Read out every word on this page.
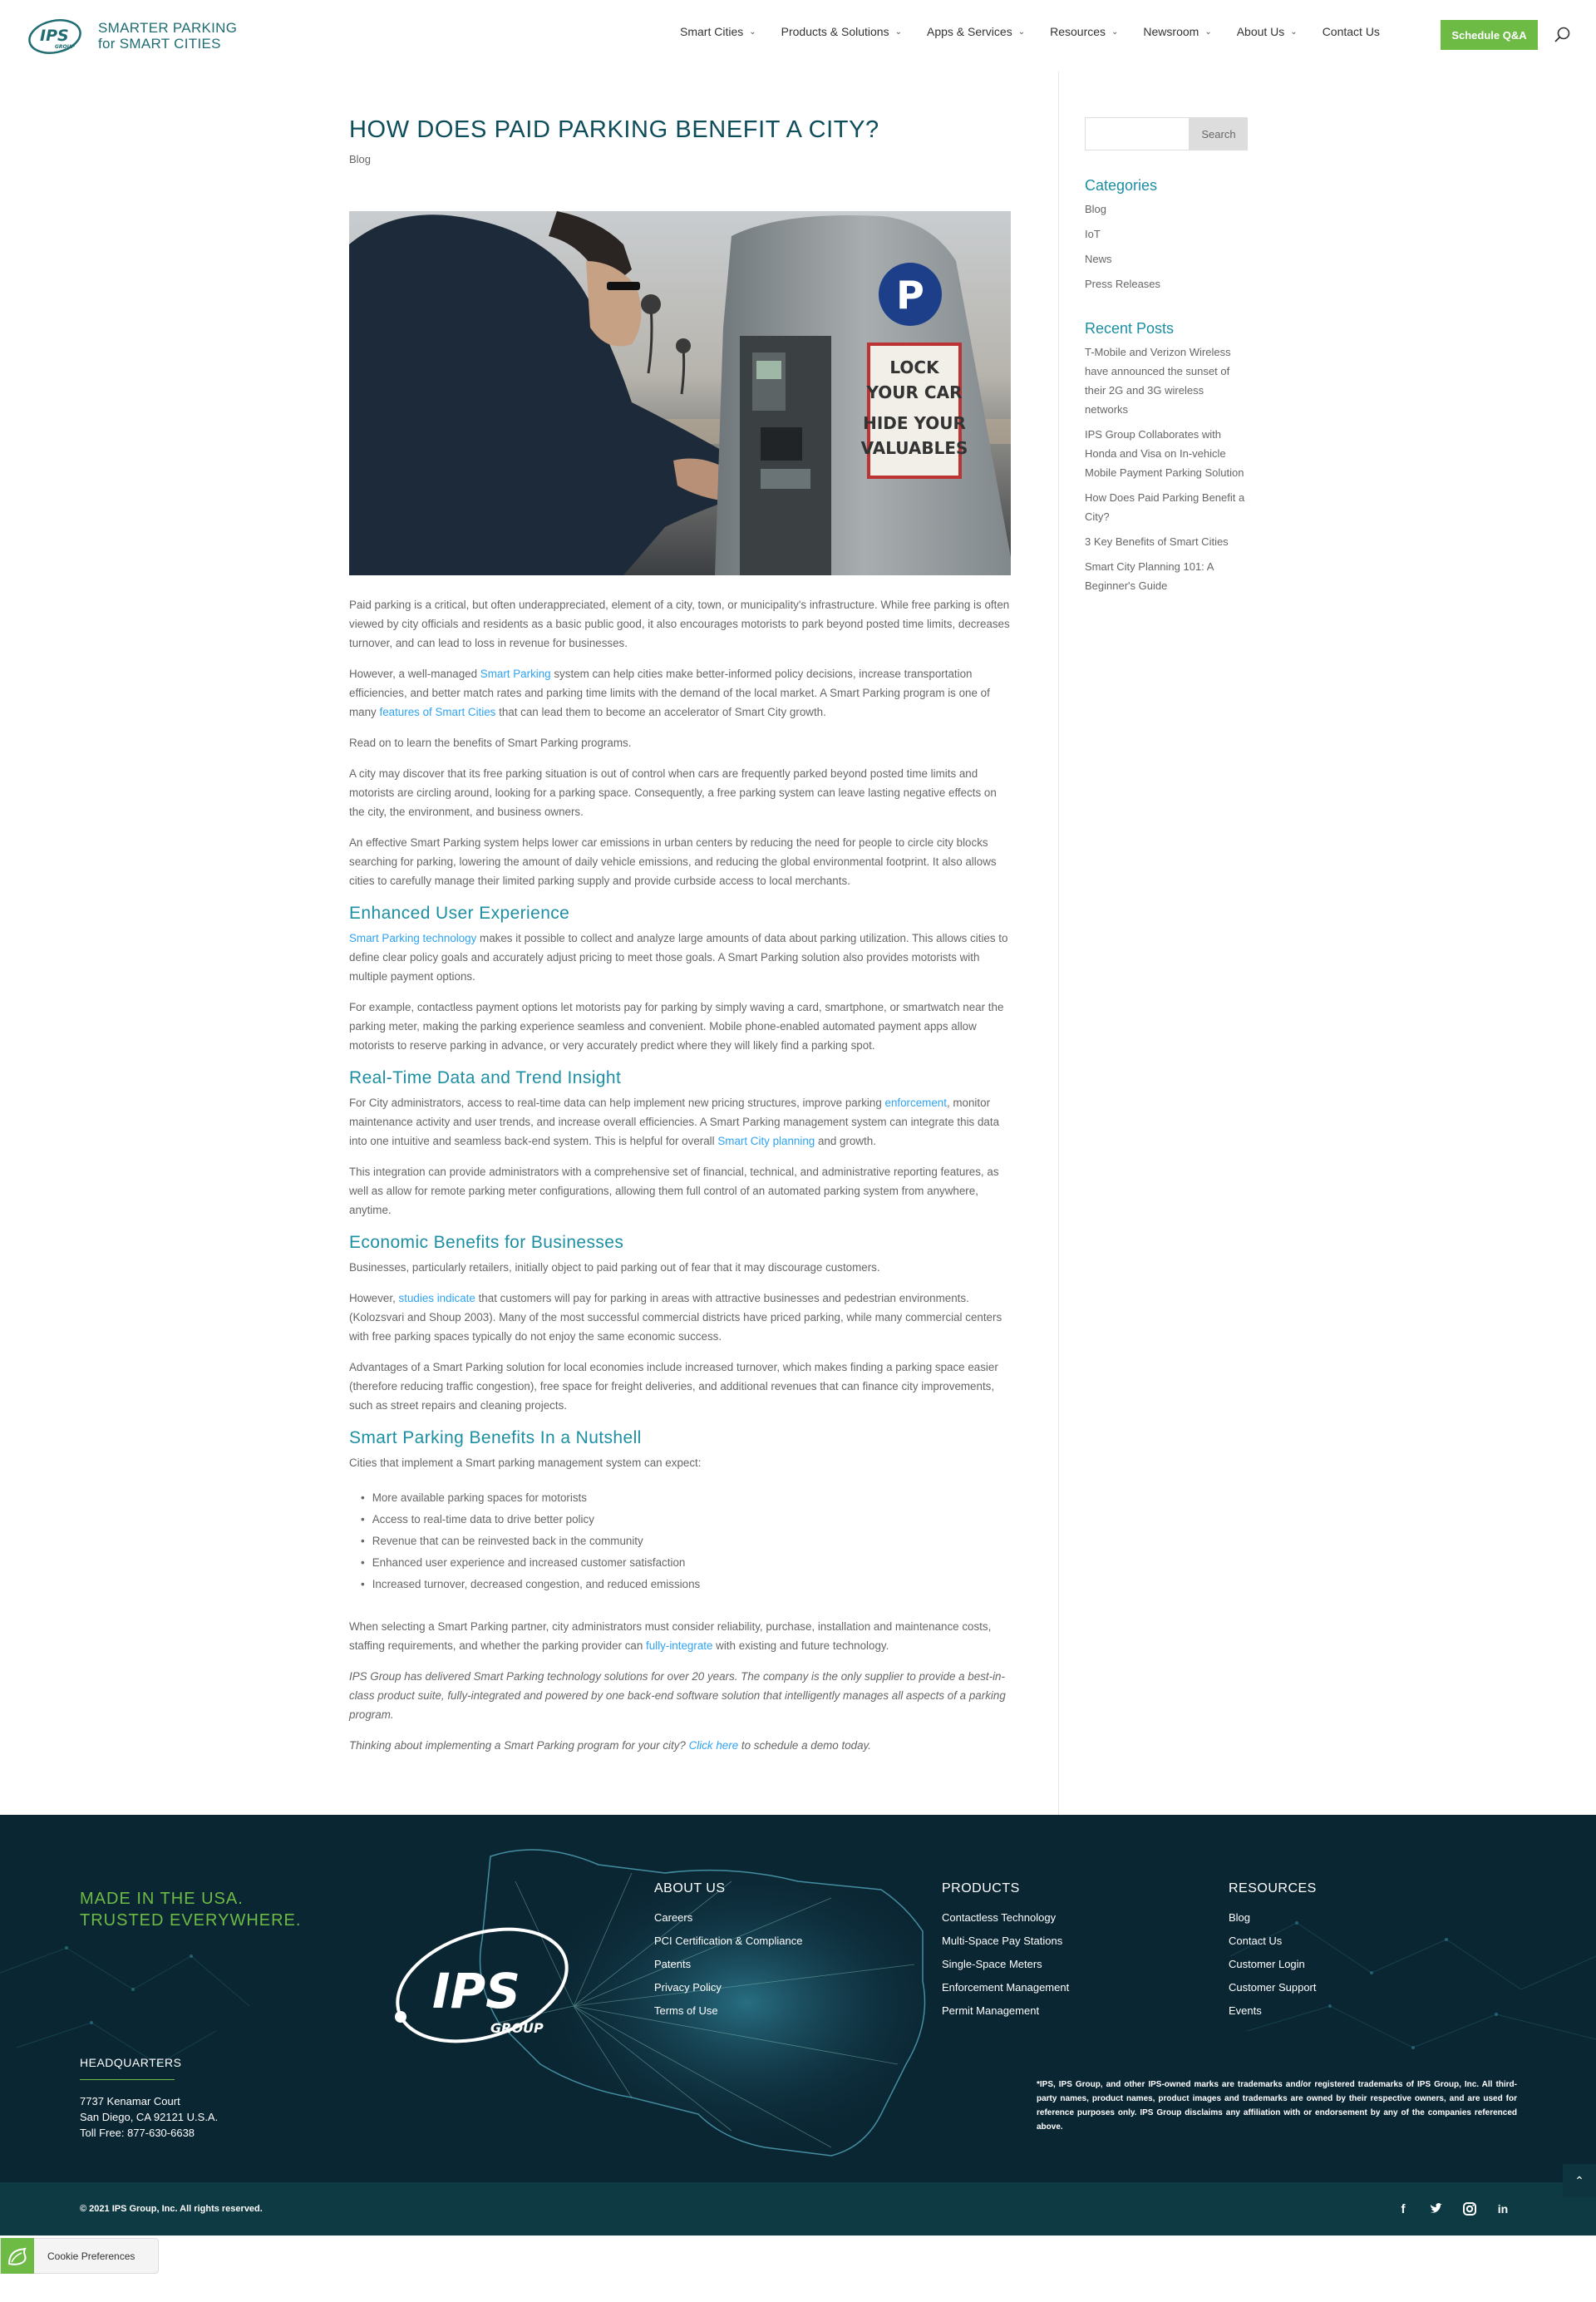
IPS
GROUP
SMARTER PARKING
for SMART CITIES
Smart Cities ⌄ Products & Solutions ⌄ Apps & Services ⌄ Resources ⌄ Newsroom ⌄ About Us ⌄ Contact Us	Schedule Q&A
HOW DOES PAID PARKING BENEFIT A CITY?
Blog
P
LOCK
YOUR CAR
HIDE YOUR
VALUABLES

Paid parking is a critical, but often underappreciated, element of a city, town, or municipality's infrastructure. While free parking is often viewed by city officials and residents as a basic public good, it also encourages motorists to park beyond posted time limits, decreases turnover, and can lead to loss in revenue for businesses.

However, a well-managed Smart Parking system can help cities make better-informed policy decisions, increase transportation efficiencies, and better match rates and parking time limits with the demand of the local market. A Smart Parking program is one of many features of Smart Cities that can lead them to become an accelerator of Smart City growth.

Read on to learn the benefits of Smart Parking programs.

A city may discover that its free parking situation is out of control when cars are frequently parked beyond posted time limits and motorists are circling around, looking for a parking space. Consequently, a free parking system can leave lasting negative effects on the city, the environment, and business owners.

An effective Smart Parking system helps lower car emissions in urban centers by reducing the need for people to circle city blocks searching for parking, lowering the amount of daily vehicle emissions, and reducing the global environmental footprint. It also allows cities to carefully manage their limited parking supply and provide curbside access to local merchants.

Enhanced User Experience

Smart Parking technology makes it possible to collect and analyze large amounts of data about parking utilization. This allows cities to define clear policy goals and accurately adjust pricing to meet those goals. A Smart Parking solution also provides motorists with multiple payment options.

For example, contactless payment options let motorists pay for parking by simply waving a card, smartphone, or smartwatch near the parking meter, making the parking experience seamless and convenient. Mobile phone-enabled automated payment apps allow motorists to reserve parking in advance, or very accurately predict where they will likely find a parking spot.

Real-Time Data and Trend Insight

For City administrators, access to real-time data can help implement new pricing structures, improve parking enforcement, monitor maintenance activity and user trends, and increase overall efficiencies. A Smart Parking management system can integrate this data into one intuitive and seamless back-end system. This is helpful for overall Smart City planning and growth.

This integration can provide administrators with a comprehensive set of financial, technical, and administrative reporting features, as well as allow for remote parking meter configurations, allowing them full control of an automated parking system from anywhere, anytime.

Economic Benefits for Businesses

Businesses, particularly retailers, initially object to paid parking out of fear that it may discourage customers.

However, studies indicate that customers will pay for parking in areas with attractive businesses and pedestrian environments. (Kolozsvari and Shoup 2003). Many of the most successful commercial districts have priced parking, while many commercial centers with free parking spaces typically do not enjoy the same economic success.

Advantages of a Smart Parking solution for local economies include increased turnover, which makes finding a parking space easier (therefore reducing traffic congestion), free space for freight deliveries, and additional revenues that can finance city improvements, such as street repairs and cleaning projects.

Smart Parking Benefits In a Nutshell

Cities that implement a Smart parking management system can expect:

• More available parking spaces for motorists
• Access to real-time data to drive better policy
• Revenue that can be reinvested back in the community
• Enhanced user experience and increased customer satisfaction
• Increased turnover, decreased congestion, and reduced emissions

When selecting a Smart Parking partner, city administrators must consider reliability, purchase, installation and maintenance costs, staffing requirements, and whether the parking provider can fully-integrate with existing and future technology.

IPS Group has delivered Smart Parking technology solutions for over 20 years. The company is the only supplier to provide a best-in-class product suite, fully-integrated and powered by one back-end software solution that intelligently manages all aspects of a parking program.

Thinking about implementing a Smart Parking program for your city? Click here to schedule a demo today.

Search
Categories
Blog
IoT
News
Press Releases
Recent Posts
T-Mobile and Verizon Wireless have announced the sunset of their 2G and 3G wireless networks
IPS Group Collaborates with Honda and Visa on In-vehicle Mobile Payment Parking Solution
How Does Paid Parking Benefit a City?
3 Key Benefits of Smart Cities
Smart City Planning 101: A Beginner's Guide
IPS
GROUP
MADE IN THE USA.
TRUSTED EVERYWHERE.
HEADQUARTERS
7737 Kenamar Court
San Diego, CA 92121 U.S.A.
Toll Free: 877-630-6638
ABOUT US
Careers
PCI Certification & Compliance
Patents
Privacy Policy
Terms of Use
PRODUCTS
Contactless Technology
Multi-Space Pay Stations
Single-Space Meters
Enforcement Management
Permit Management
RESOURCES
Blog
Contact Us
Customer Login
Customer Support
Events
*IPS, IPS Group, and other IPS-owned marks are trademarks and/or registered trademarks of IPS Group, Inc. All third-party names, product names, product images and trademarks are owned by their respective owners, and are used for reference purposes only. IPS Group disclaims any affiliation with or endorsement by any of the companies referenced above.
© 2021 IPS Group, Inc. All rights reserved.	f	in
⌃
Cookie Preferences
